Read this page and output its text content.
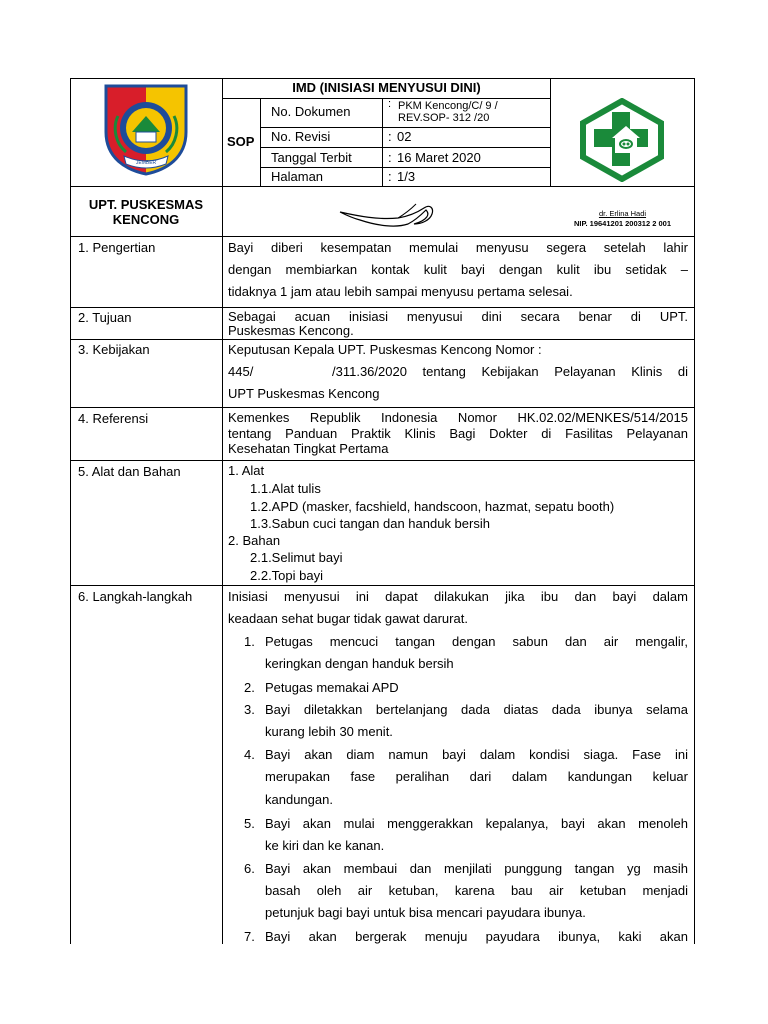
JEMBER
IMD (INISIASI MENYUSUI DINI)
SOP
No. Dokumen	: PKM Kencong/C/ 9 /
REV.SOP- 312 /20
No. Revisi	: 02
Tanggal Terbit	: 16 Maret 2020
Halaman	: 1/3
UPT. PUSKESMAS
KENCONG	dr. Erlina Hadi
NIP. 19641201 200312 2 001
1. Pengertian	Bayi diberi kesempatan memulai menyusu segera setelah lahir
dengan membiarkan kontak kulit bayi dengan kulit ibu setidak –
tidaknya 1 jam atau lebih sampai menyusu pertama selesai.
2. Tujuan	Sebagai acuan inisiasi menyusui dini secara benar di UPT.
Puskesmas Kencong.
3. Kebijakan	Keputusan Kepala UPT. Puskesmas Kencong Nomor :
445/	/311.36/2020 tentang Kebijakan Pelayanan Klinis di
UPT Puskesmas Kencong
4. Referensi	Kemenkes Republik Indonesia Nomor HK.02.02/MENKES/514/2015
tentang Panduan Praktik Klinis Bagi Dokter di Fasilitas Pelayanan
Kesehatan Tingkat Pertama
5. Alat dan Bahan	1. Alat
1.1.Alat tulis
1.2.APD (masker, facshield, handscoon, hazmat, sepatu booth)
1.3.Sabun cuci tangan dan handuk bersih
2. Bahan
2.1.Selimut bayi
2.2.Topi bayi
6. Langkah-langkah	Inisiasi menyusui ini dapat dilakukan jika ibu dan bayi dalam
keadaan sehat bugar tidak gawat darurat.
1. Petugas mencuci tangan dengan sabun dan air mengalir,
keringkan dengan handuk bersih
2. Petugas memakai APD
3. Bayi diletakkan bertelanjang dada diatas dada ibunya selama
kurang lebih 30 menit.
4. Bayi akan diam namun bayi dalam kondisi siaga. Fase ini
merupakan fase peralihan dari dalam kandungan keluar
kandungan.
5. Bayi akan mulai menggerakkan kepalanya, bayi akan menoleh
ke kiri dan ke kanan.
6. Bayi akan membaui dan menjilati punggung tangan yg masih
basah oleh air ketuban, karena bau air ketuban menjadi
petunjuk bagi bayi untuk bisa mencari payudara ibunya.
7. Bayi akan bergerak menuju payudara ibunya, kaki akan
